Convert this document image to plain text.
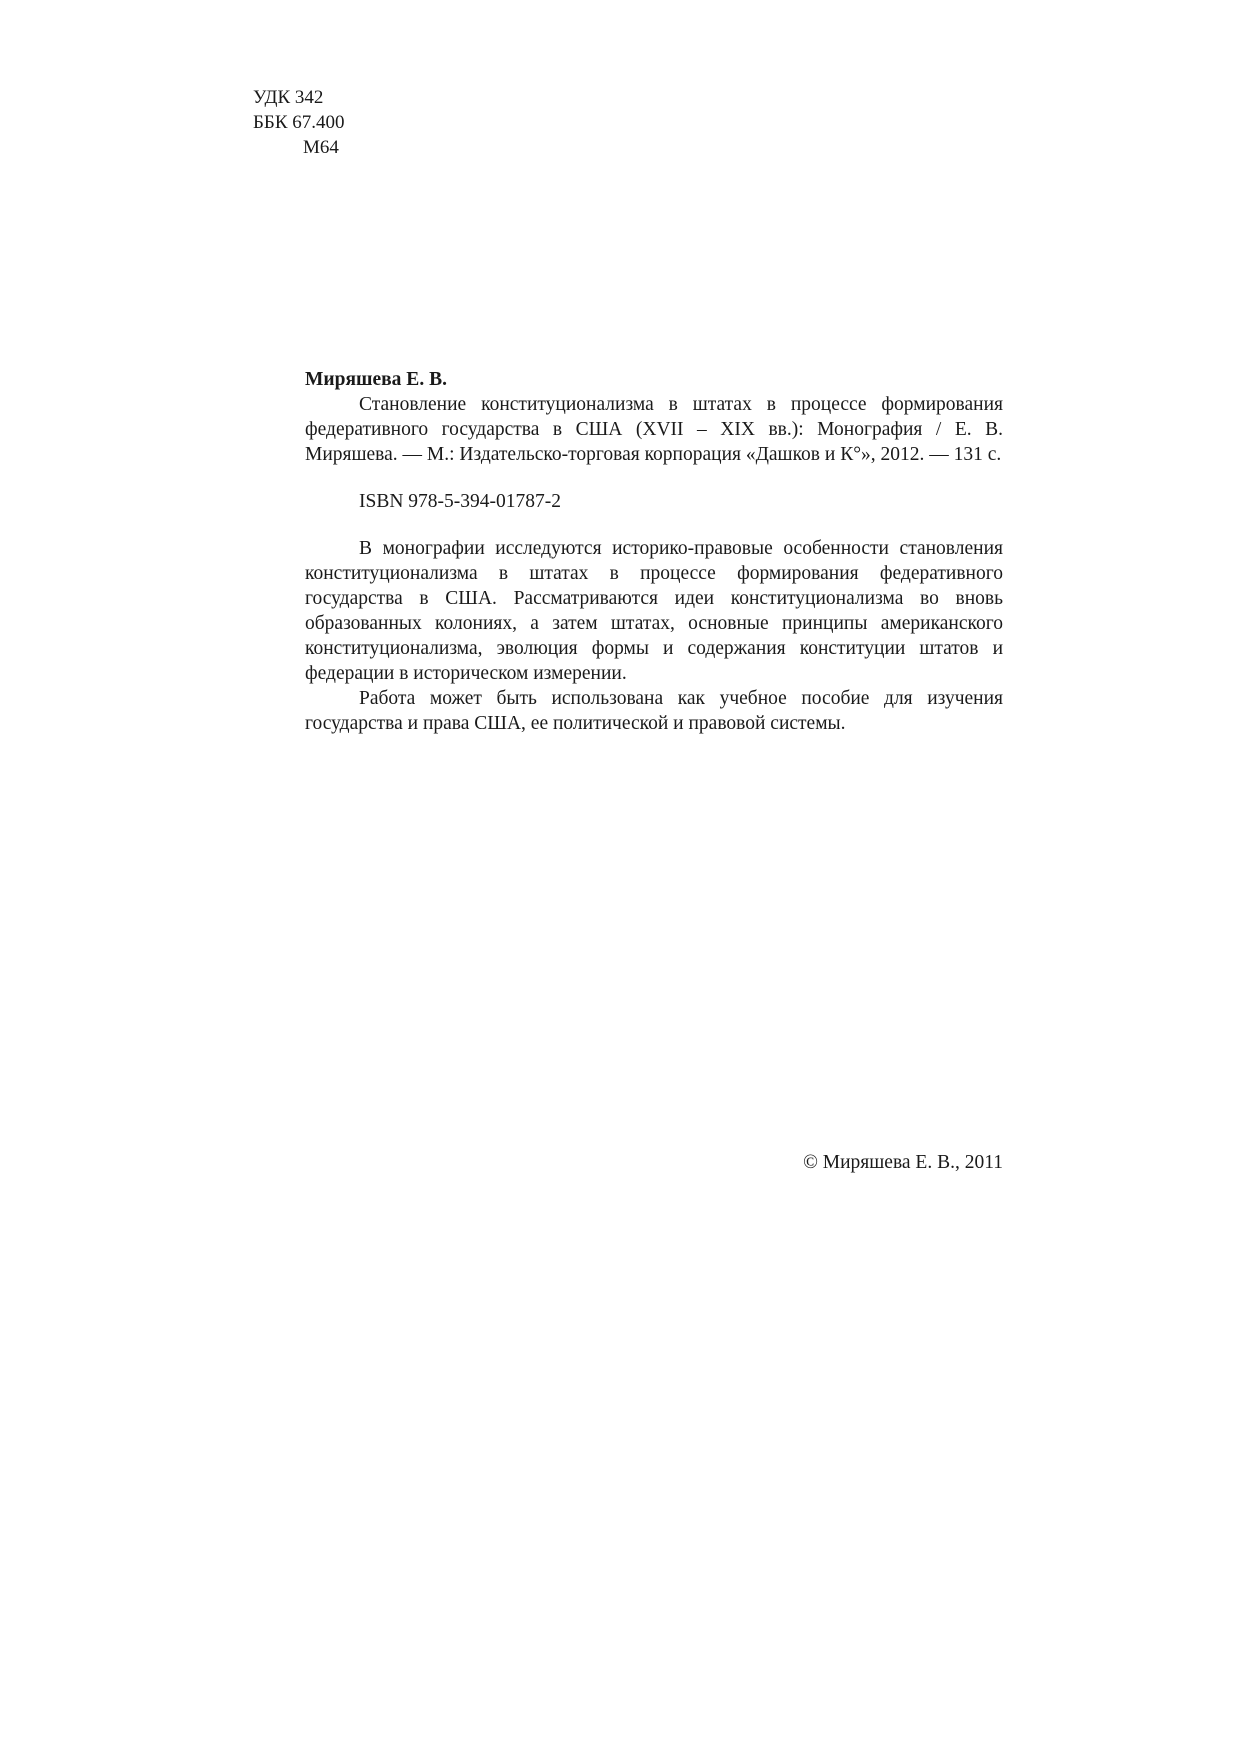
УДК 342
ББК 67.400
М64
Миряшева Е. В.

Становление конституционализма в штатах в процессе формирования федеративного государства в США (XVII – XIX вв.): Монография / Е. В. Миряшева. — М.: Издательско-торговая корпорация «Дашков и К°», 2012. — 131 с.

ISBN 978-5-394-01787-2

В монографии исследуются историко-правовые особенности становления конституционализма в штатах в процессе формирования федеративного государства в США. Рассматриваются идеи конституционализма во вновь образованных колониях, а затем штатах, основные принципы американского конституционализма, эволюция формы и содержания конституции штатов и федерации в историческом измерении.

Работа может быть использована как учебное пособие для изучения государства и права США, ее политической и правовой системы.

© Миряшева Е. В., 2011
